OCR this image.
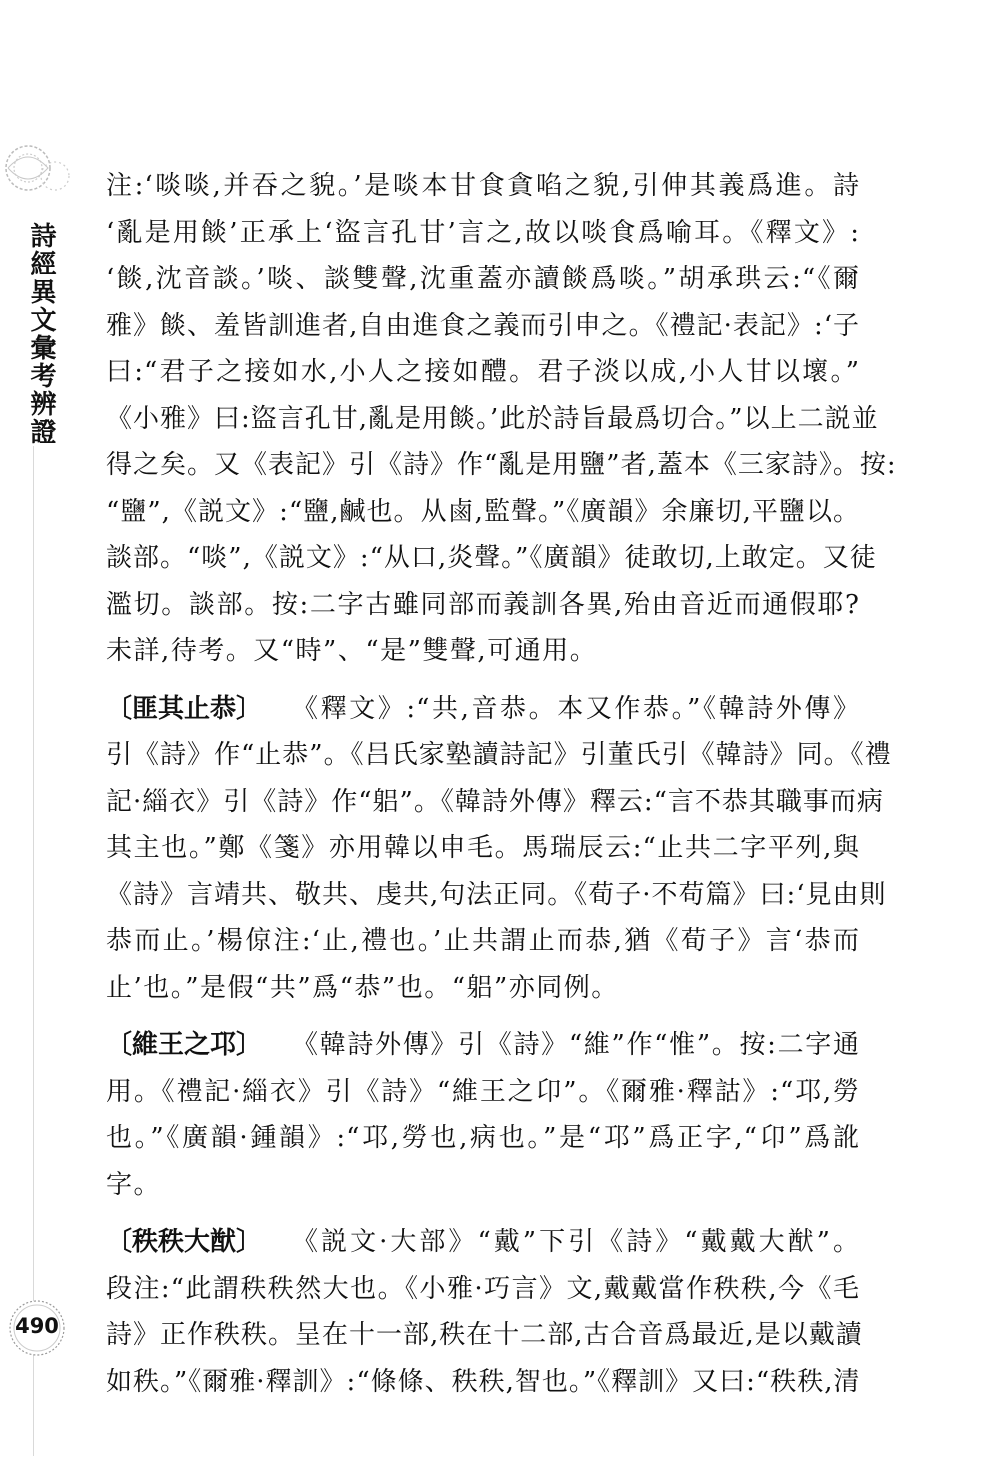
詩經異文彙考辨證
490
注:‘啖啖,并吞之貌。’是啖本甘食貪啗之貌,引伸其義爲進。詩
‘亂是用餤’正承上‘盜言孔甘’言之,故以啖食爲喻耳。《釋文》:
‘餤,沈音談。’啖、談雙聲,沈重蓋亦讀餤爲啖。”胡承珙云:“《爾
雅》餤、羞皆訓進者,自由進食之義而引申之。《禮記·表記》:‘子
曰:“君子之接如水,小人之接如醴。君子淡以成,小人甘以壞。”
《小雅》曰:盜言孔甘,亂是用餤。’此於詩旨最爲切合。”以上二説並
得之矣。又《表記》引《詩》作“亂是用鹽”者,蓋本《三家詩》。按:
“鹽”,《説文》:“鹽,鹹也。从鹵,監聲。”《廣韻》余廉切,平鹽以。
談部。“啖”,《説文》:“从口,炎聲。”《廣韻》徒敢切,上敢定。又徒
濫切。談部。按:二字古雖同部而義訓各異,殆由音近而通假耶?
未詳,待考。又“時”、“是”雙聲,可通用。
〔匪其止恭〕 《釋文》:“共,音恭。本又作恭。”《韓詩外傳》
引《詩》作“止恭”。《吕氏家塾讀詩記》引董氏引《韓詩》同。《禮
記·緇衣》引《詩》作“躳”。《韓詩外傳》釋云:“言不恭其職事而病
其主也。”鄭《箋》亦用韓以申毛。馬瑞辰云:“止共二字平列,與
《詩》言靖共、敬共、虔共,句法正同。《荀子·不苟篇》曰:‘見由則
恭而止。’楊倞注:‘止,禮也。’止共謂止而恭,猶《荀子》言‘恭而
止’也。”是假“共”爲“恭”也。“躳”亦同例。
〔維王之邛〕 《韓詩外傳》引《詩》“維”作“惟”。按:二字通
用。《禮記·緇衣》引《詩》“維王之卬”。《爾雅·釋詁》:“邛,勞
也。”《廣韻·鍾韻》:“邛,勞也,病也。”是“邛”爲正字,“卬”爲訛
字。
〔秩秩大猷〕 《説文·大部》“戴”下引《詩》“戴戴大猷”。
段注:“此謂秩秩然大也。《小雅·巧言》文,戴戴當作秩秩,今《毛
詩》正作秩秩。呈在十一部,秩在十二部,古合音爲最近,是以戴讀
如秩。”《爾雅·釋訓》:“條條、秩秩,智也。”《釋訓》又曰:“秩秩,清
